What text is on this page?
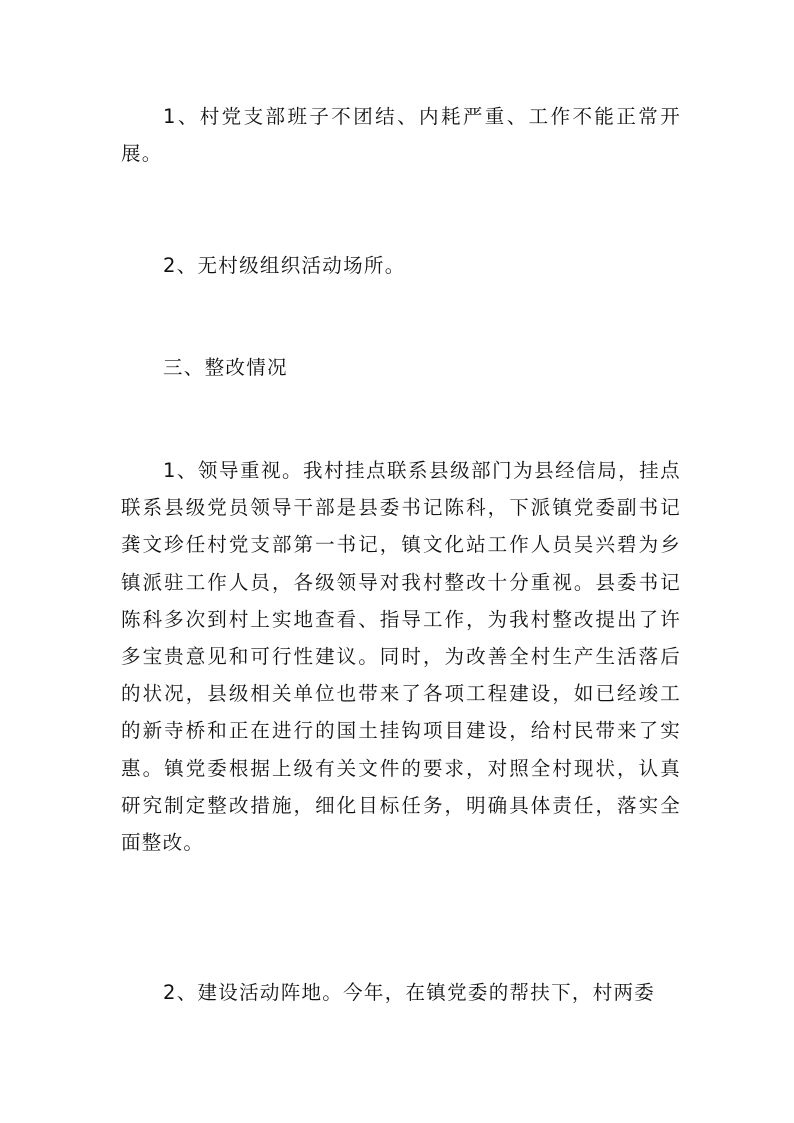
1、村党支部班子不团结、内耗严重、工作不能正常开展。

2、无村级组织活动场所。

三、整改情况

1、领导重视。我村挂点联系县级部门为县经信局，挂点联系县级党员领导干部是县委书记陈科，下派镇党委副书记龚文珍任村党支部第一书记，镇文化站工作人员吴兴碧为乡镇派驻工作人员，各级领导对我村整改十分重视。县委书记陈科多次到村上实地查看、指导工作，为我村整改提出了许多宝贵意见和可行性建议。同时，为改善全村生产生活落后的状况，县级相关单位也带来了各项工程建设，如已经竣工的新寺桥和正在进行的国土挂钩项目建设，给村民带来了实惠。镇党委根据上级有关文件的要求，对照全村现状，认真研究制定整改措施，细化目标任务，明确具体责任，落实全面整改。

2、建设活动阵地。今年，在镇党委的帮扶下，村两委
